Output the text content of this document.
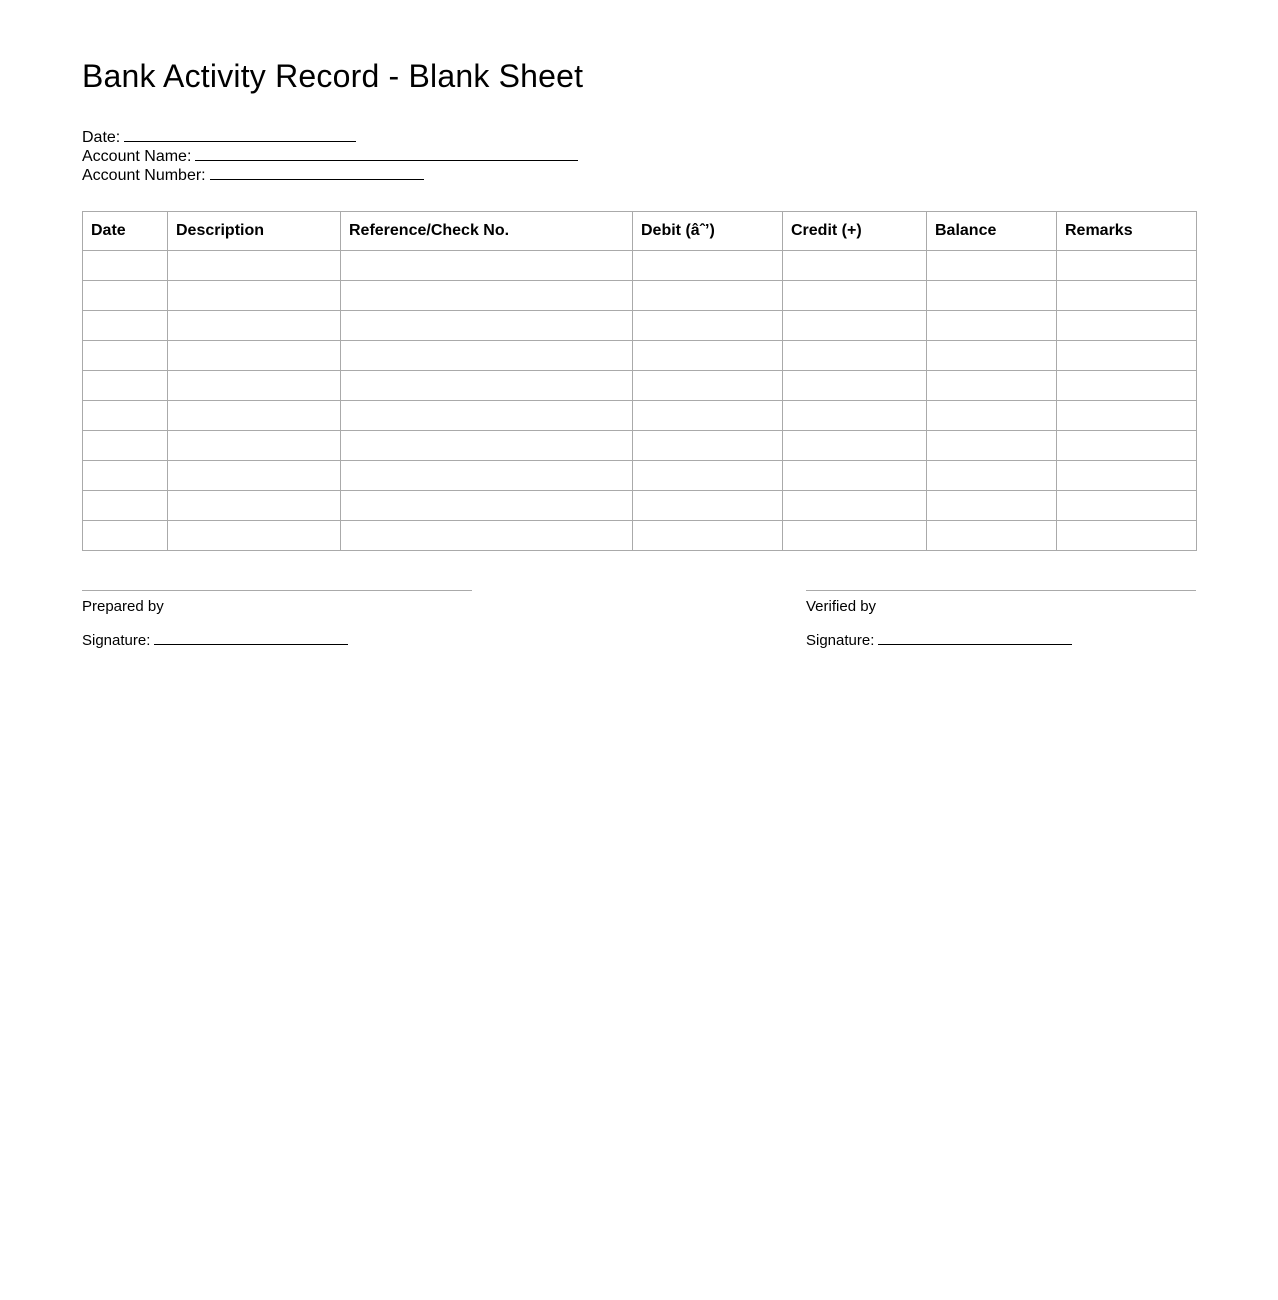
Bank Activity Record - Blank Sheet
Date:
Account Name:
Account Number:
Date	Description	Reference/Check No.	Debit (âˆ’)	Credit (+)	Balance	Remarks

Prepared by
Signature:
Verified by
Signature:
